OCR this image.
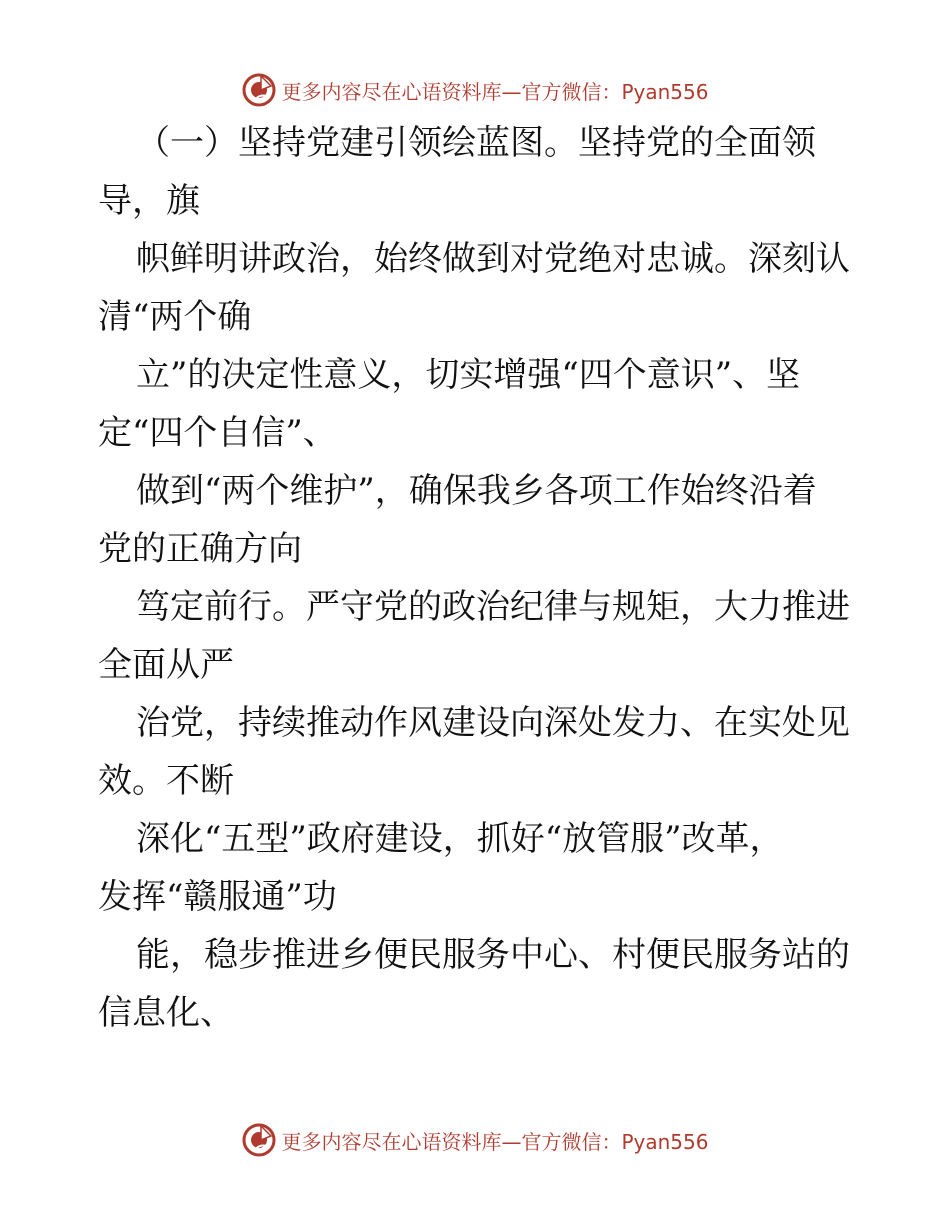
更多内容尽在心语资料库—官方微信：Pyan556

（一）坚持党建引领绘蓝图。坚持党的全面领

导，旗

帜鲜明讲政治，始终做到对党绝对忠诚。深刻认

清“两个确

立”的决定性意义，切实增强“四个意识”、坚

定“四个自信”、

做到“两个维护”，确保我乡各项工作始终沿着

党的正确方向

笃定前行。严守党的政治纪律与规矩，大力推进

全面从严

治党，持续推动作风建设向深处发力、在实处见

效。不断

深化“五型”政府建设，抓好“放管服”改革，

发挥“赣服通”功

能，稳步推进乡便民服务中心、村便民服务站的

信息化、

更多内容尽在心语资料库—官方微信：Pyan556
